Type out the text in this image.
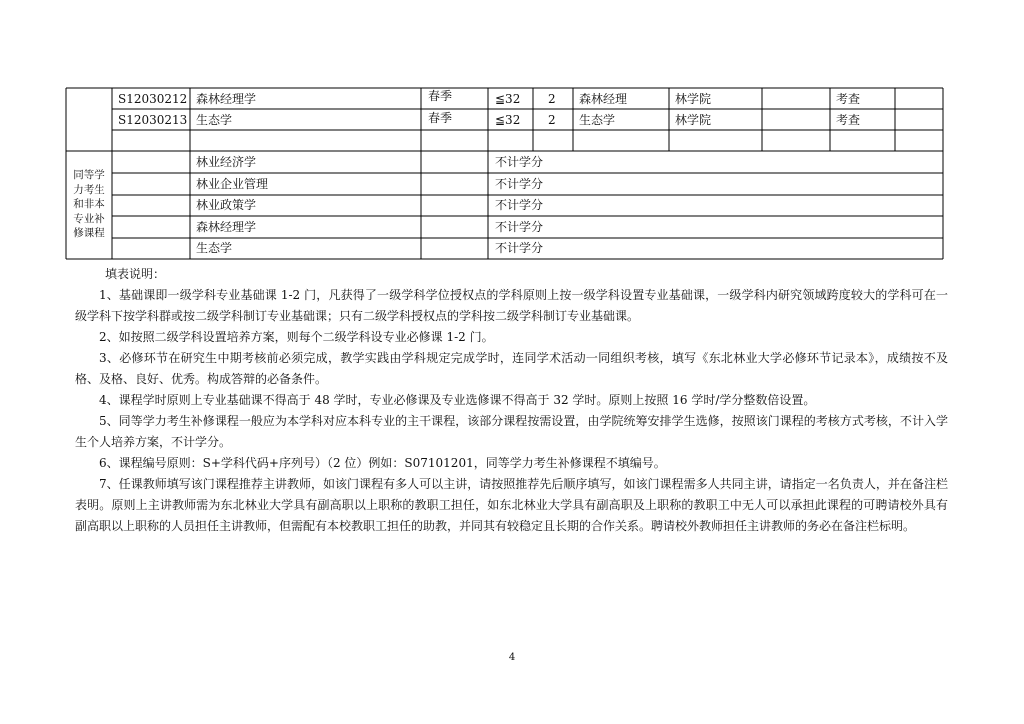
S12030212 森林经理学	春季	≦32 2 森林经理	林学院	考查
S12030213 生态学	春季	≦32 2 生态学	林学院	考查
同等学
力考生
和非本
专业补
修课程
林业经济学	不计学分
林业企业管理	不计学分
林业政策学	不计学分
森林经理学	不计学分
生态学	不计学分

填表说明：

1、基础课即一级学科专业基础课 1-2 门，凡获得了一级学科学位授权点的学科原则上按一级学科设置专业基础课，一级学科内研究领域跨度较大的学科可在一级学科下按学科群或按二级学科制订专业基础课；只有二级学科授权点的学科按二级学科制订专业基础课。

2、如按照二级学科设置培养方案，则每个二级学科设专业必修课 1-2 门。

3、必修环节在研究生中期考核前必须完成，教学实践由学科规定完成学时，连同学术活动一同组织考核，填写《东北林业大学必修环节记录本》，成绩按不及格、及格、良好、优秀。构成答辩的必备条件。

4、课程学时原则上专业基础课不得高于 48 学时，专业必修课及专业选修课不得高于 32 学时。原则上按照 16 学时/学分整数倍设置。

5、同等学力考生补修课程一般应为本学科对应本科专业的主干课程，该部分课程按需设置，由学院统筹安排学生选修，按照该门课程的考核方式考核，不计入学生个人培养方案，不计学分。

6、课程编号原则：S+学科代码+序列号）（2 位）例如：S07101201，同等学力考生补修课程不填编号。

7、任课教师填写该门课程推荐主讲教师，如该门课程有多人可以主讲，请按照推荐先后顺序填写，如该门课程需多人共同主讲，请指定一名负责人，并在备注栏表明。原则上主讲教师需为东北林业大学具有副高职以上职称的教职工担任，如东北林业大学具有副高职及上职称的教职工中无人可以承担此课程的可聘请校外具有副高职以上职称的人员担任主讲教师，但需配有本校教职工担任的助教，并同其有较稳定且长期的合作关系。聘请校外教师担任主讲教师的务必在备注栏标明。

4
